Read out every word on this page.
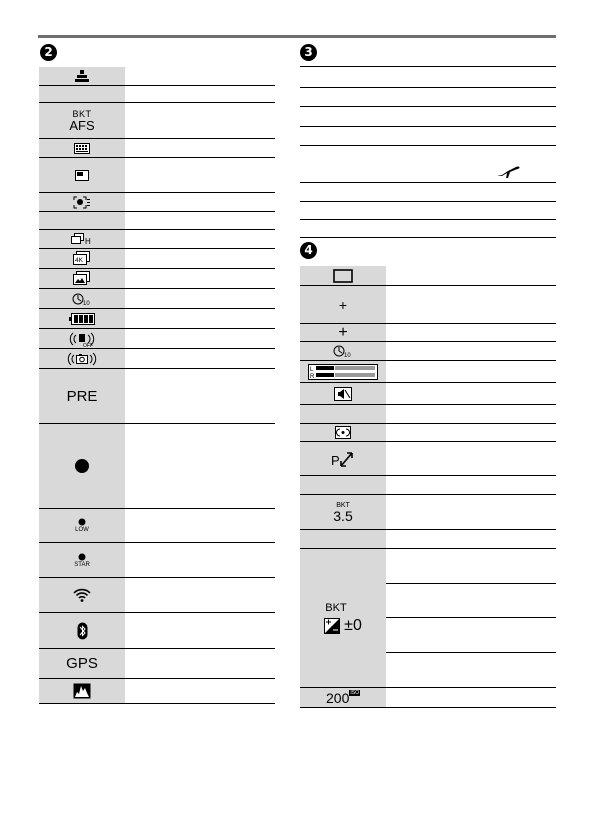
2
BKT
AFS
H
4K
10
OFF
PRE
LOW
STAR
GPS
3
4
+
+
10
L
R
P
BKT
3.5
BKT
±0
200 ISO
